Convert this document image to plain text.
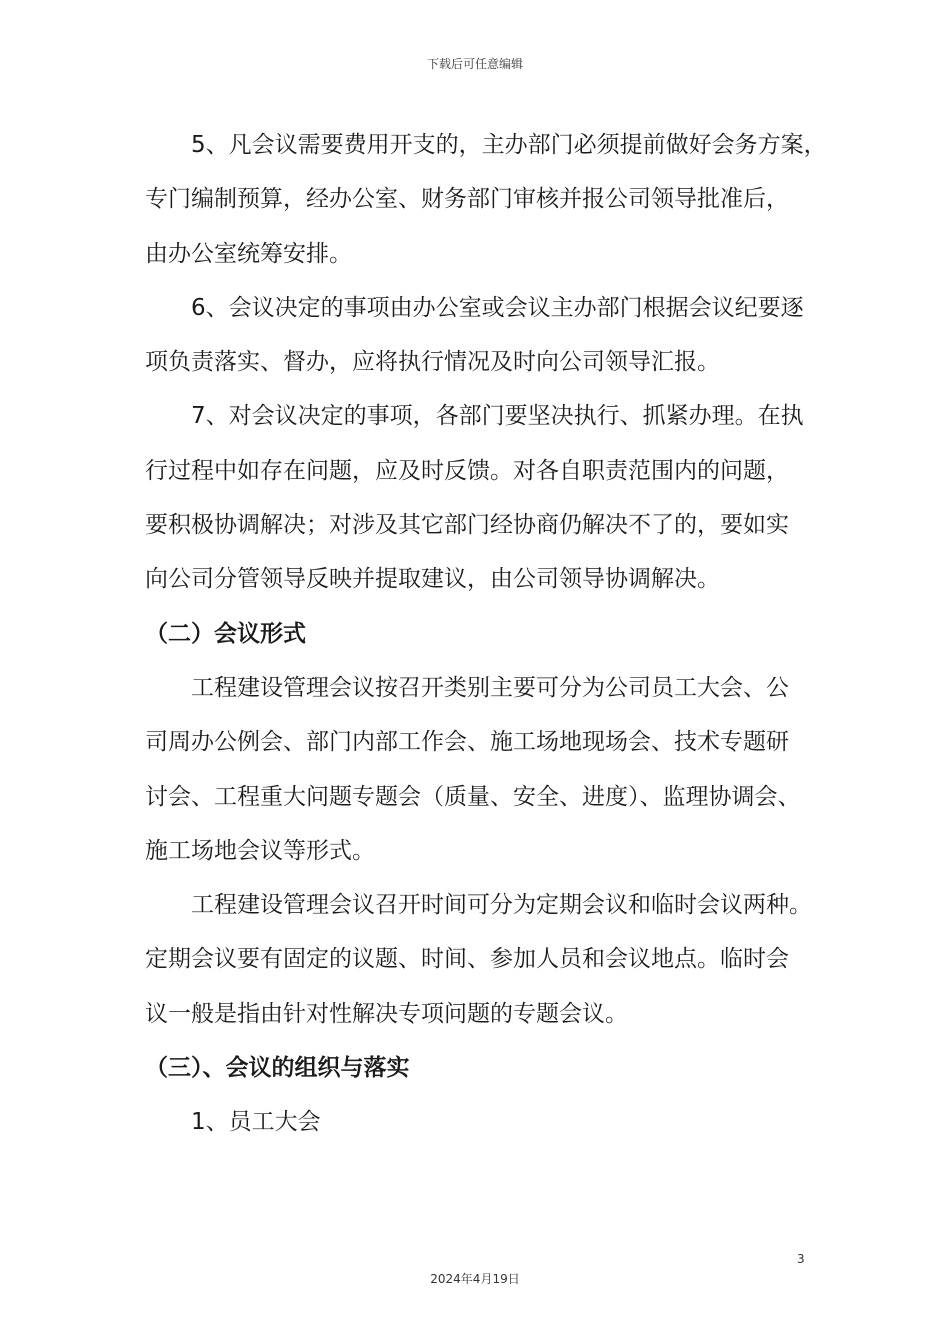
下载后可任意编辑

5、凡会议需要费用开支的，主办部门必须提前做好会务方案，
专门编制预算，经办公室、财务部门审核并报公司领导批准后，
由办公室统筹安排。

6、会议决定的事项由办公室或会议主办部门根据会议纪要逐
项负责落实、督办，应将执行情况及时向公司领导汇报。

7、对会议决定的事项，各部门要坚决执行、抓紧办理。在执
行过程中如存在问题，应及时反馈。对各自职责范围内的问题，
要积极协调解决；对涉及其它部门经协商仍解决不了的，要如实
向公司分管领导反映并提取建议，由公司领导协调解决。

（二）会议形式

工程建设管理会议按召开类别主要可分为公司员工大会、公
司周办公例会、部门内部工作会、施工场地现场会、技术专题研
讨会、工程重大问题专题会（质量、安全、进度）、监理协调会、
施工场地会议等形式。

工程建设管理会议召开时间可分为定期会议和临时会议两种。
定期会议要有固定的议题、时间、参加人员和会议地点。临时会
议一般是指由针对性解决专项问题的专题会议。

（三）、会议的组织与落实

1、员工大会

3
2024年4月19日
